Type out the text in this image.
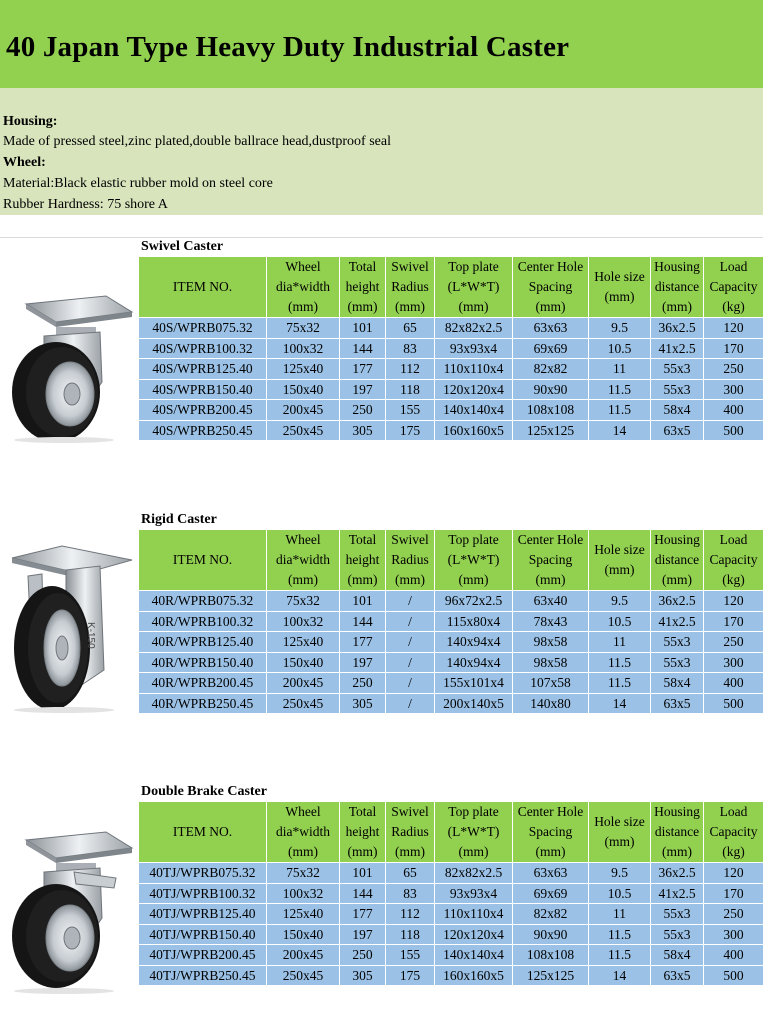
40 Japan Type Heavy Duty Industrial Caster
Housing:
Made of pressed steel,zinc plated,double ballrace head,dustproof seal
Wheel:
Material:Black elastic rubber mold on steel core
Rubber Hardness: 75 shore A
Swivel Caster
ITEM NO.	Wheel
dia*width
(mm)	Total
height
(mm)	Swivel
Radius
(mm)	Top plate
(L*W*T)
(mm)	Center Hole
Spacing
(mm)	Hole size
(mm)	Housing
distance
(mm)	Load
Capacity
(kg)
40S/WPRB075.32	75x32	101	65	82x82x2.5	63x63	9.5	36x2.5	120
40S/WPRB100.32	100x32	144	83	93x93x4	69x69	10.5	41x2.5	170
40S/WPRB125.40	125x40	177	112	110x110x4	82x82	11	55x3	250
40S/WPRB150.40	150x40	197	118	120x120x4	90x90	11.5	55x3	300
40S/WPRB200.45	200x45	250	155	140x140x4	108x108	11.5	58x4	400
40S/WPRB250.45	250x45	305	175	160x160x5	125x125	14	63x5	500
K-150
Rigid Caster
ITEM NO.	Wheel
dia*width
(mm)	Total
height
(mm)	Swivel
Radius
(mm)	Top plate
(L*W*T)
(mm)	Center Hole
Spacing
(mm)	Hole size
(mm)	Housing
distance
(mm)	Load
Capacity
(kg)
40R/WPRB075.32	75x32	101	/	96x72x2.5	63x40	9.5	36x2.5	120
40R/WPRB100.32	100x32	144	/	115x80x4	78x43	10.5	41x2.5	170
40R/WPRB125.40	125x40	177	/	140x94x4	98x58	11	55x3	250
40R/WPRB150.40	150x40	197	/	140x94x4	98x58	11.5	55x3	300
40R/WPRB200.45	200x45	250	/	155x101x4	107x58	11.5	58x4	400
40R/WPRB250.45	250x45	305	/	200x140x5	140x80	14	63x5	500
Double Brake Caster
ITEM NO.	Wheel
dia*width
(mm)	Total
height
(mm)	Swivel
Radius
(mm)	Top plate
(L*W*T)
(mm)	Center Hole
Spacing
(mm)	Hole size
(mm)	Housing
distance
(mm)	Load
Capacity
(kg)
40TJ/WPRB075.32	75x32	101	65	82x82x2.5	63x63	9.5	36x2.5	120
40TJ/WPRB100.32	100x32	144	83	93x93x4	69x69	10.5	41x2.5	170
40TJ/WPRB125.40	125x40	177	112	110x110x4	82x82	11	55x3	250
40TJ/WPRB150.40	150x40	197	118	120x120x4	90x90	11.5	55x3	300
40TJ/WPRB200.45	200x45	250	155	140x140x4	108x108	11.5	58x4	400
40TJ/WPRB250.45	250x45	305	175	160x160x5	125x125	14	63x5	500
